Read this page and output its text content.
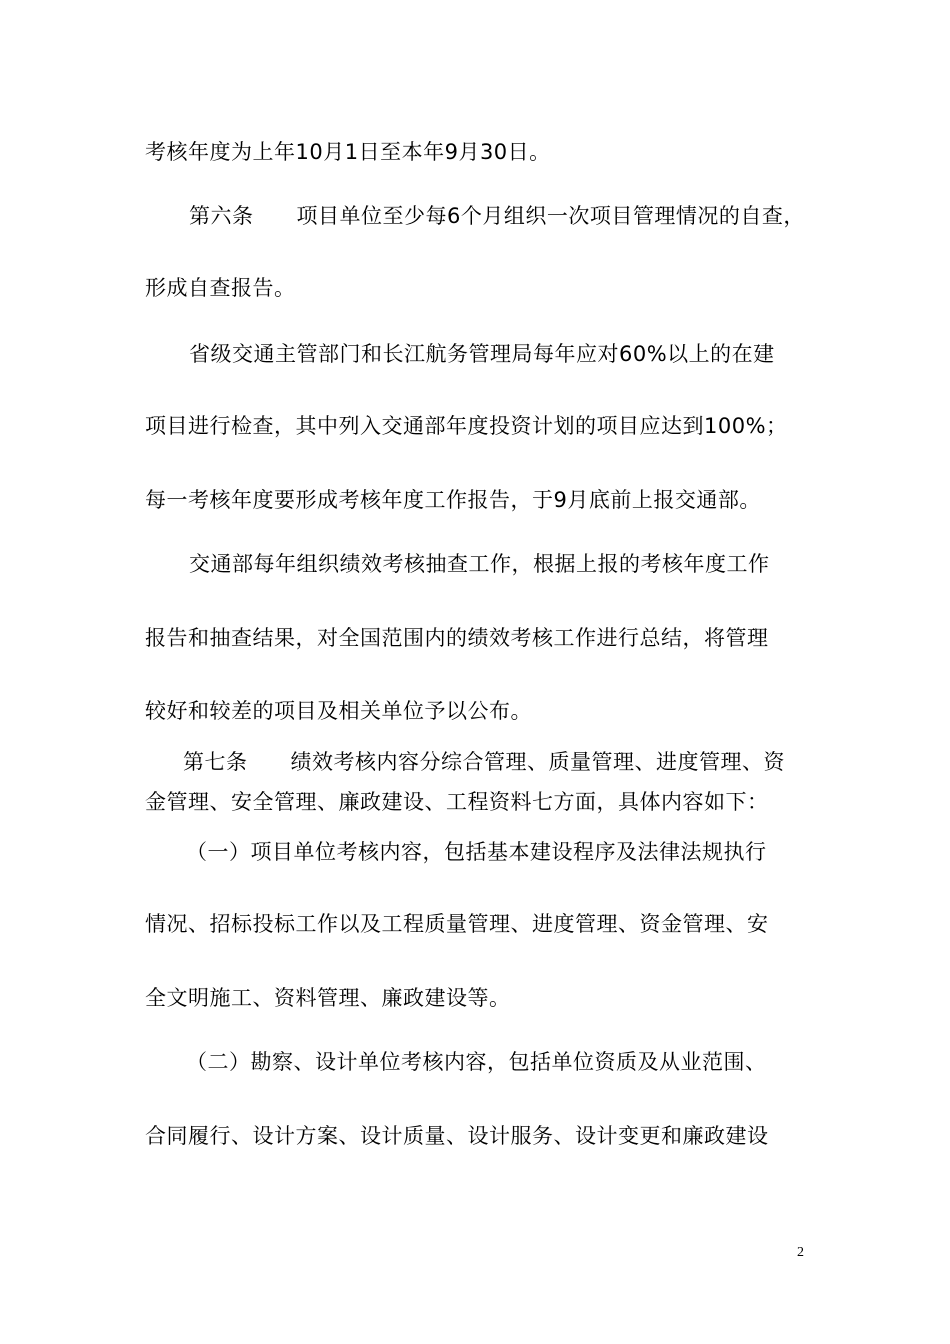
考核年度为上年10月1日至本年9月30日。
第六条　　项目单位至少每6个月组织一次项目管理情况的自查，
形成自查报告。
省级交通主管部门和长江航务管理局每年应对60%以上的在建
项目进行检查，其中列入交通部年度投资计划的项目应达到100%；
每一考核年度要形成考核年度工作报告，于9月底前上报交通部。
交通部每年组织绩效考核抽查工作，根据上报的考核年度工作
报告和抽查结果，对全国范围内的绩效考核工作进行总结，将管理
较好和较差的项目及相关单位予以公布。
第七条　　绩效考核内容分综合管理、质量管理、进度管理、资
金管理、安全管理、廉政建设、工程资料七方面，具体内容如下：
（一）项目单位考核内容，包括基本建设程序及法律法规执行
情况、招标投标工作以及工程质量管理、进度管理、资金管理、安
全文明施工、资料管理、廉政建设等。
（二）勘察、设计单位考核内容，包括单位资质及从业范围、
合同履行、设计方案、设计质量、设计服务、设计变更和廉政建设
2
